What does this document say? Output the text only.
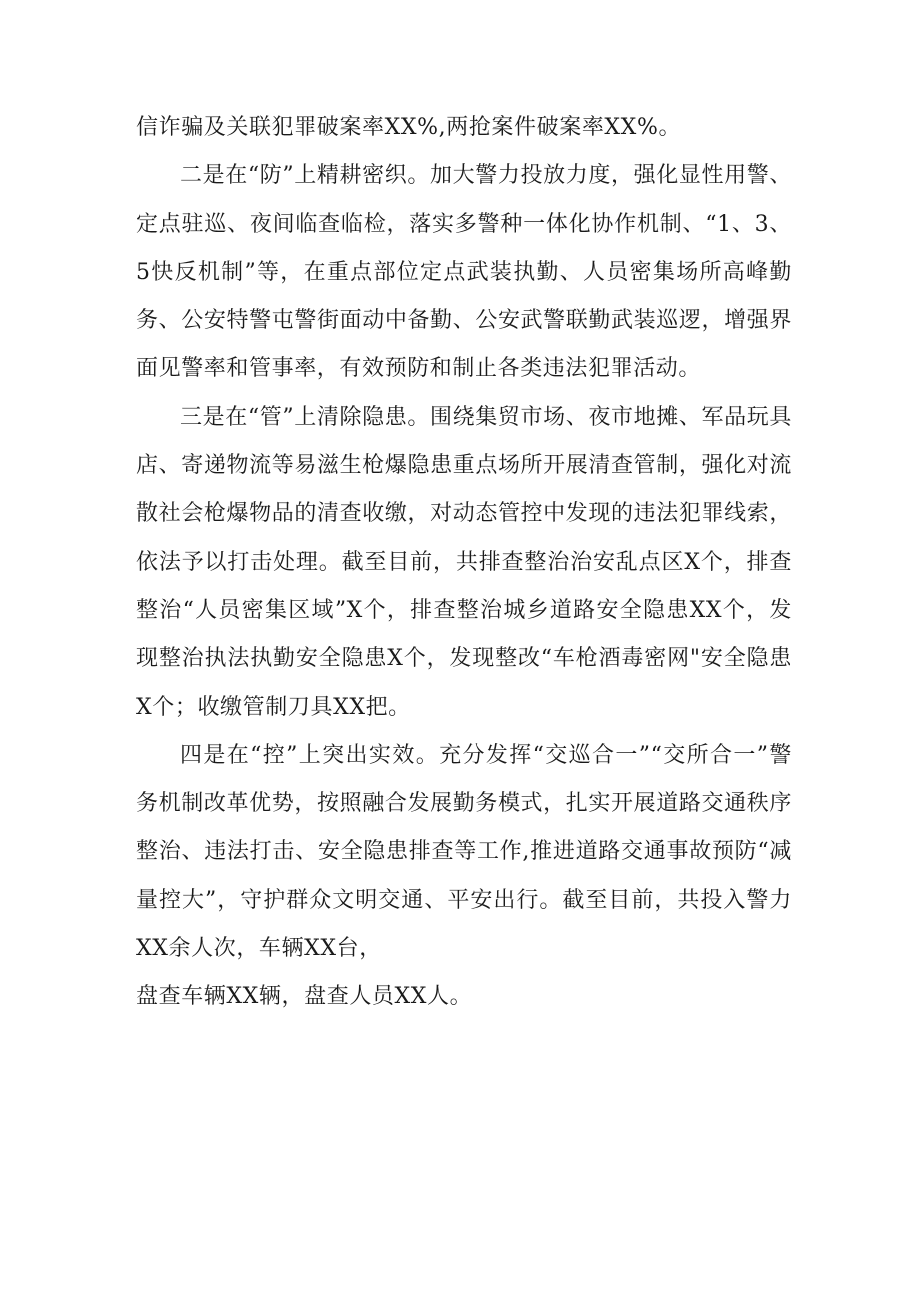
信诈骗及关联犯罪破案率XX%,两抢案件破案率XX%。

二是在“防”上精耕密织。加大警力投放力度，强化显性用警、定点驻巡、夜间临查临检，落实多警种一体化协作机制、“1、3、5快反机制”等，在重点部位定点武装执勤、人员密集场所高峰勤务、公安特警屯警街面动中备勤、公安武警联勤武装巡逻，增强界面见警率和管事率，有效预防和制止各类违法犯罪活动。

三是在“管”上清除隐患。围绕集贸市场、夜市地摊、军品玩具店、寄递物流等易滋生枪爆隐患重点场所开展清查管制，强化对流散社会枪爆物品的清查收缴，对动态管控中发现的违法犯罪线索，依法予以打击处理。截至目前，共排查整治治安乱点区X个，排查整治“人员密集区域”X个，排查整治城乡道路安全隐患XX个，发现整治执法执勤安全隐患X个，发现整改“车枪酒毒密网"安全隐患X个；收缴管制刀具XX把。

四是在“控”上突出实效。充分发挥“交巡合一”“交所合一”警务机制改革优势，按照融合发展勤务模式，扎实开展道路交通秩序整治、违法打击、安全隐患排查等工作,推进道路交通事故预防“减量控大”，守护群众文明交通、平安出行。截至目前，共投入警力XX余人次，车辆XX台，

盘查车辆XX辆，盘查人员XX人。
